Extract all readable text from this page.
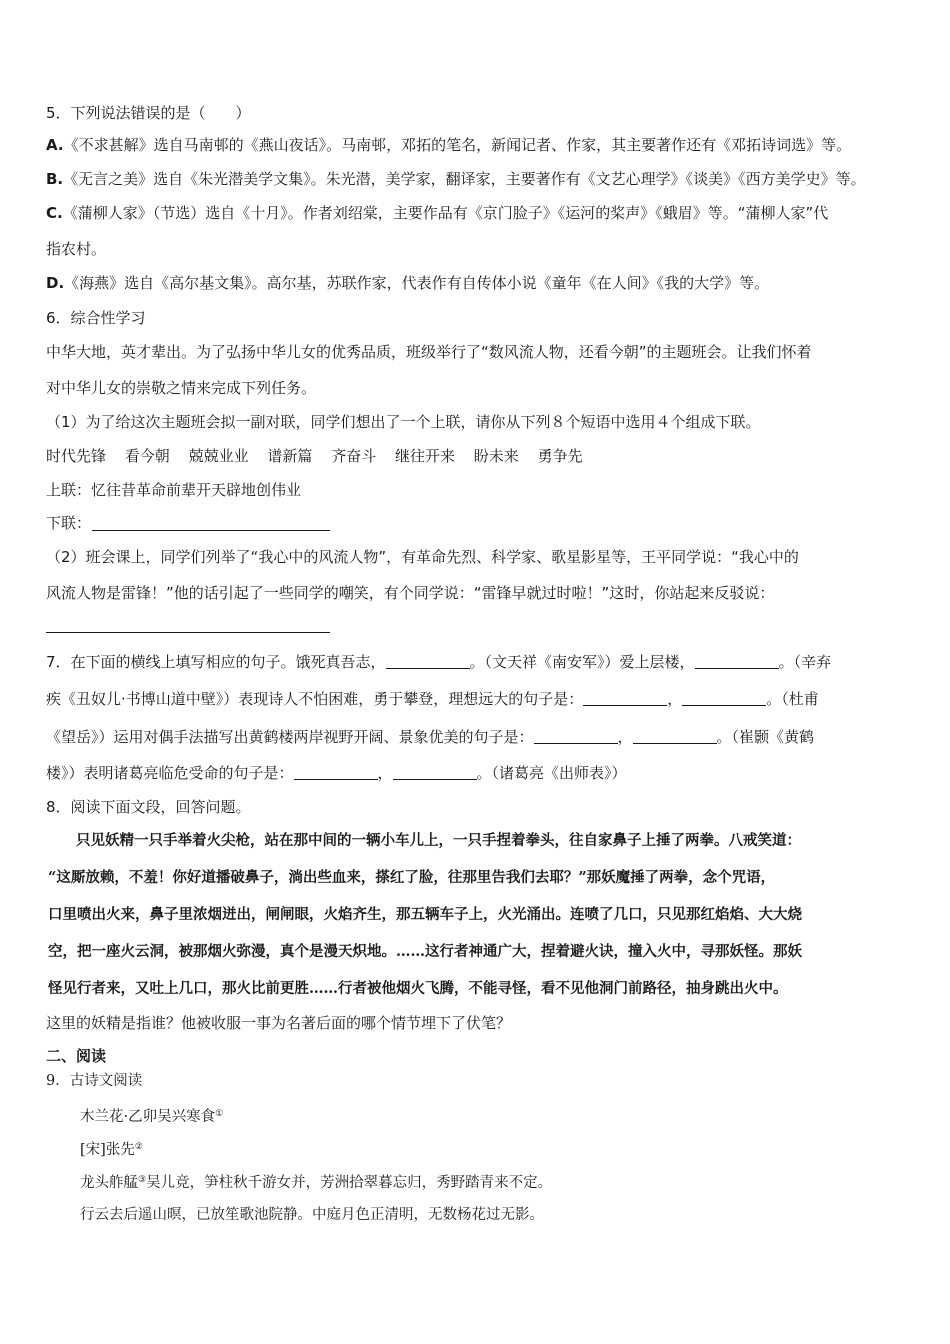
5．下列说法错误的是（　　）
A.《不求甚解》选自马南邨的《燕山夜话》。马南邨，邓拓的笔名，新闻记者、作家，其主要著作还有《邓拓诗词选》等。
B.《无言之美》选自《朱光潜美学文集》。朱光潜，美学家，翻译家，主要著作有《文艺心理学》《谈美》《西方美学史》等。
C.《蒲柳人家》（节选）选自《十月》。作者刘绍棠，主要作品有《京门脸子》《运河的桨声》《蛾眉》等。“蒲柳人家”代
指农村。
D.《海燕》选自《高尔基文集》。高尔基，苏联作家，代表作有自传体小说《童年《在人间》《我的大学》等。
6．综合性学习
中华大地，英才辈出。为了弘扬中华儿女的优秀品质，班级举行了“数风流人物，还看今朝”的主题班会。让我们怀着
对中华儿女的崇敬之情来完成下列任务。
（1）为了给这次主题班会拟一副对联，同学们想出了一个上联，请你从下列８个短语中选用４个组成下联。
时代先锋 看今朝 兢兢业业 谱新篇 齐奋斗 继往开来 盼未来 勇争先
上联：忆往昔革命前辈开天辟地创伟业
下联：
（2）班会课上，同学们列举了“我心中的风流人物”，有革命先烈、科学家、歌星影星等，王平同学说：“我心中的
风流人物是雷锋！”他的话引起了一些同学的嘲笑，有个同学说：“雷锋早就过时啦！”这时，你站起来反驳说：
7．在下面的横线上填写相应的句子。饿死真吾志，	。（文天祥《南安军》）爱上层楼，	。（辛弃
疾《丑奴儿·书博山道中壁》）表现诗人不怕困难，勇于攀登，理想远大的句子是：	，	。（杜甫
《望岳》）运用对偶手法描写出黄鹤楼两岸视野开阔、景象优美的句子是：	，	。（崔颢《黄鹤
楼》）表明诸葛亮临危受命的句子是：	，	。（诸葛亮《出师表》）
8．阅读下面文段，回答问题。
只见妖精一只手举着火尖枪，站在那中间的一辆小车儿上，一只手捏着拳头，往自家鼻子上捶了两拳。八戒笑道：
“这厮放赖，不羞！你好道播破鼻子，淌出些血来，搽红了脸，往那里告我们去耶？”那妖魔捶了两拳，念个咒语，
口里喷出火来，鼻子里浓烟迸出，闸闸眼，火焰齐生，那五辆车子上，火光涌出。连喷了几口，只见那红焰焰、大大烧
空，把一座火云洞，被那烟火弥漫，真个是漫天炽地。……这行者神通广大，捏着避火诀，撞入火中，寻那妖怪。那妖
怪见行者来，又吐上几口，那火比前更胜……行者被他烟火飞腾，不能寻怪，看不见他洞门前路径，抽身跳出火中。
这里的妖精是指谁？他被收服一事为名著后面的哪个情节埋下了伏笔？
二、阅读
9．古诗文阅读
木兰花·乙卯吴兴寒食①
[宋]张先②
龙头舴艋③吴儿竞，笋柱秋千游女并，芳洲拾翠暮忘归，秀野踏青来不定。
行云去后遥山暝，已放笙歌池院静。中庭月色正清明，无数杨花过无影。
